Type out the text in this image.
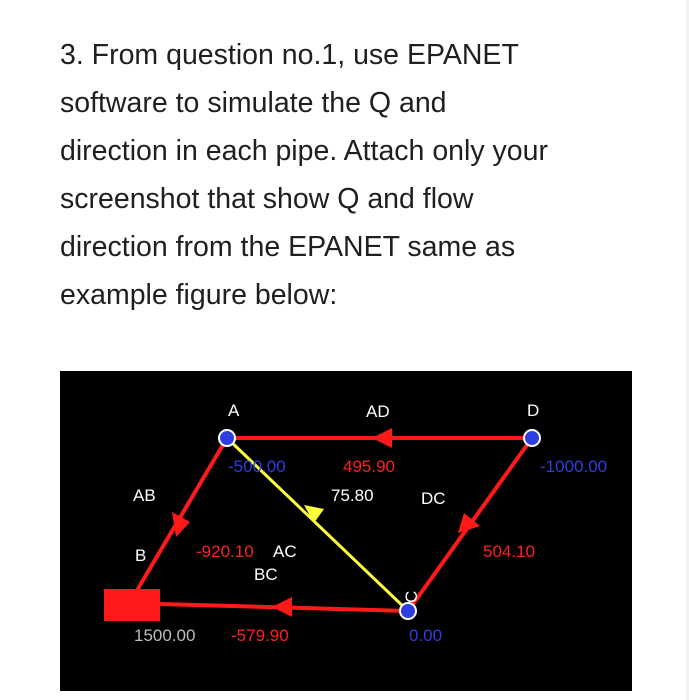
3. From question no.1, use EPANET
software to simulate the Q and
direction in each pipe. Attach only your
screenshot that show Q and flow
direction from the EPANET same as
example figure below:
A	D
B
C
AD
AB	DC
AC
BC
-500.00	495.90	-1000.00
75.80
-920.10	504.10
1500.00 -579.90	0.00
